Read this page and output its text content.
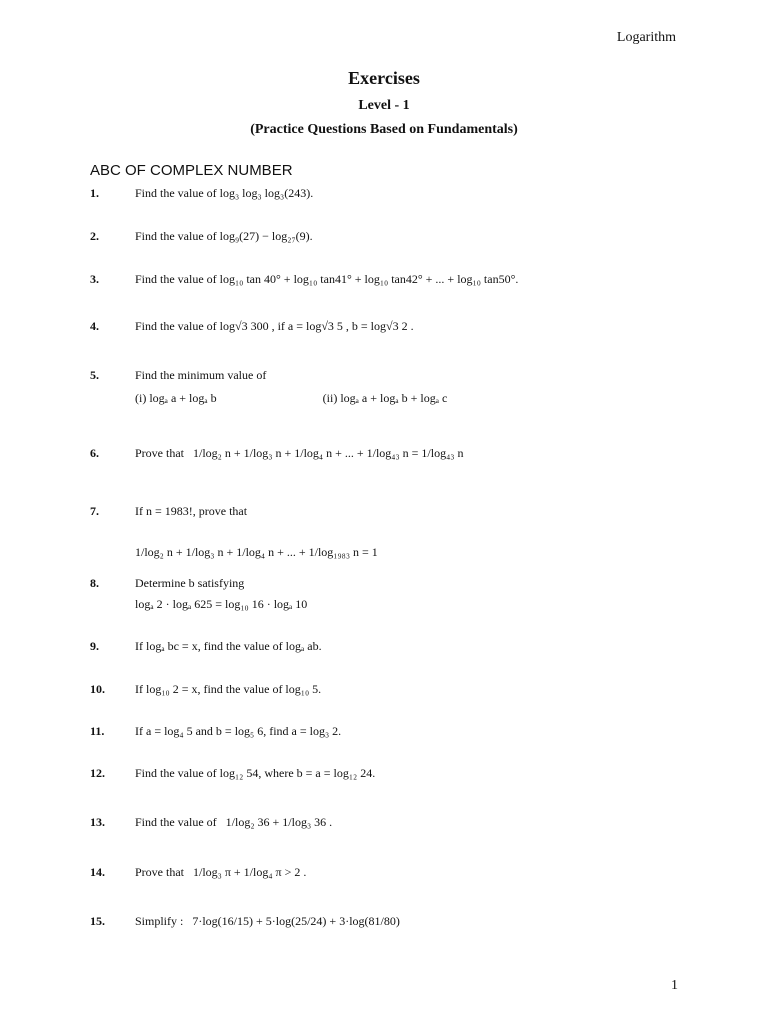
Logarithm
Exercises
Level - 1
(Practice Questions Based on Fundamentals)
ABC OF COMPLEX NUMBER
1.	Find the value of log₃ log₃ log₃(243).
2.	Find the value of log₉(27) − log₂₇(9).
3.	Find the value of log₁₀ tan 40° + log₁₀ tan41° + log₁₀ tan42° + ... + log₁₀ tan50°.
4.	Find the value of log√3 300 , if a = log√3 5 , b = log√3 2 .
5.	Find the minimum value of
(i) logₐ a + logₐ b	(ii) logₐ a + logₐ b + logₐ c
6.	Prove that 1/log₂ n + 1/log₃ n + 1/log₄ n + ... + 1/log₄₃ n = 1/log₄₃ n
7.	If n = 1983!, prove that
1/log₂ n + 1/log₃ n + 1/log₄ n + ... + 1/log₁₉₈₃ n = 1
8.	Determine b satisfying
logₐ 2 · logₐ 625 = log₁₀ 16 · logₐ 10
9.	If logₐ bc = x, find the value of logₐ ab.
10.	If log₁₀ 2 = x, find the value of log₁₀ 5.
11.	If a = log₄ 5 and b = log₅ 6, find a = log₃ 2.
12.	Find the value of log₁₂ 54, where b = a = log₁₂ 24.
13.	Find the value of 1/log₂ 36 + 1/log₃ 36 .
14.	Prove that 1/log₃ π + 1/log₄ π > 2 .
15.	Simplify : 7·log(16/15) + 5·log(25/24) + 3·log(81/80)
1
